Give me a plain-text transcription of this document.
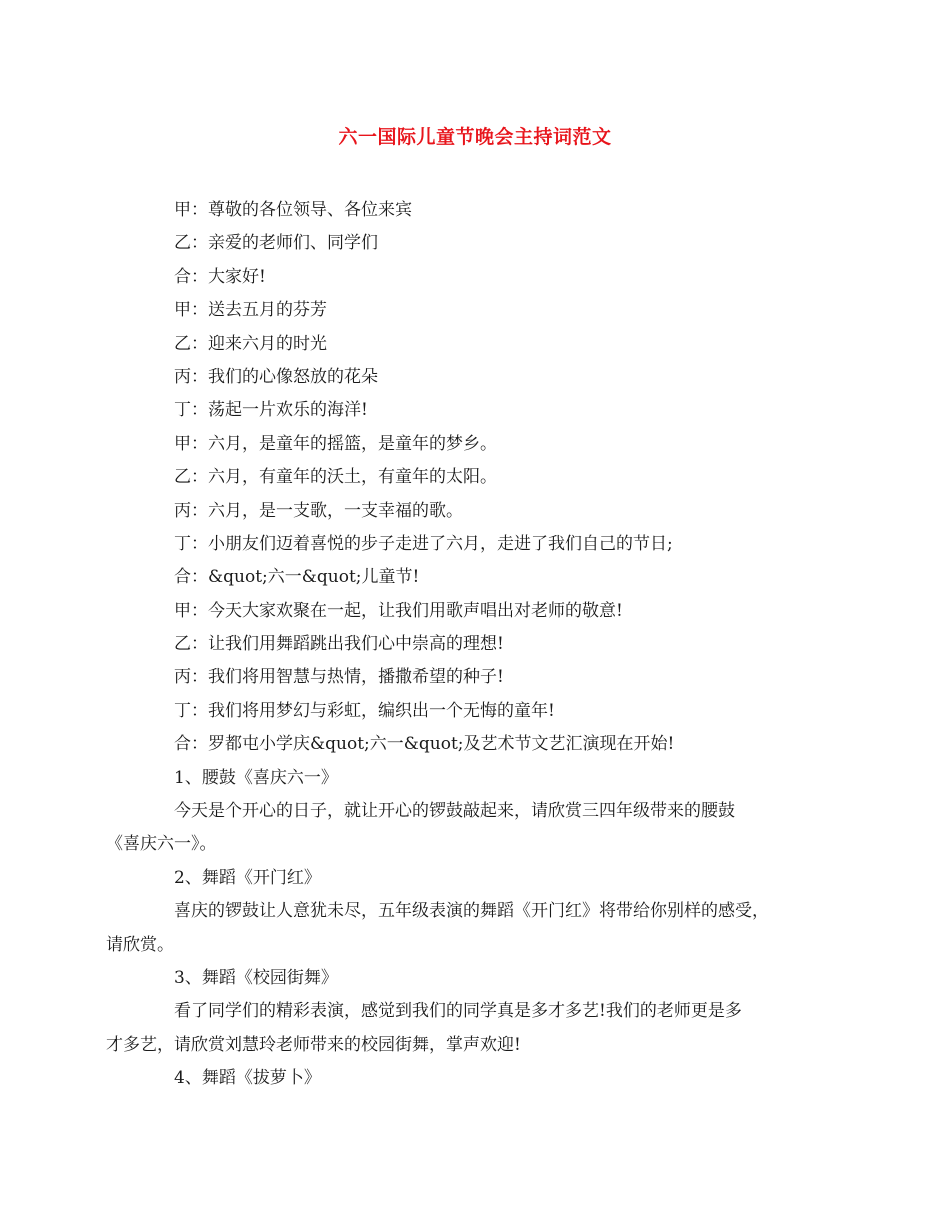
六一国际儿童节晚会主持词范文
甲：尊敬的各位领导、各位来宾
乙：亲爱的老师们、同学们
合：大家好!
甲：送去五月的芬芳
乙：迎来六月的时光
丙：我们的心像怒放的花朵
丁：荡起一片欢乐的海洋!
甲：六月，是童年的摇篮，是童年的梦乡。
乙：六月，有童年的沃土，有童年的太阳。
丙：六月，是一支歌，一支幸福的歌。
丁：小朋友们迈着喜悦的步子走进了六月，走进了我们自己的节日;
合：&quot;六一&quot;儿童节!
甲：今天大家欢聚在一起，让我们用歌声唱出对老师的敬意!
乙：让我们用舞蹈跳出我们心中崇高的理想!
丙：我们将用智慧与热情，播撒希望的种子!
丁：我们将用梦幻与彩虹，编织出一个无悔的童年!
合：罗都屯小学庆&quot;六一&quot;及艺术节文艺汇演现在开始!
1、腰鼓《喜庆六一》
今天是个开心的日子，就让开心的锣鼓敲起来，请欣赏三四年级带来的腰鼓
《喜庆六一》。
2、舞蹈《开门红》
喜庆的锣鼓让人意犹未尽，五年级表演的舞蹈《开门红》将带给你别样的感受，
请欣赏。
3、舞蹈《校园街舞》
看了同学们的精彩表演，感觉到我们的同学真是多才多艺!我们的老师更是多
才多艺，请欣赏刘慧玲老师带来的校园街舞，掌声欢迎!
4、舞蹈《拔萝卜》
